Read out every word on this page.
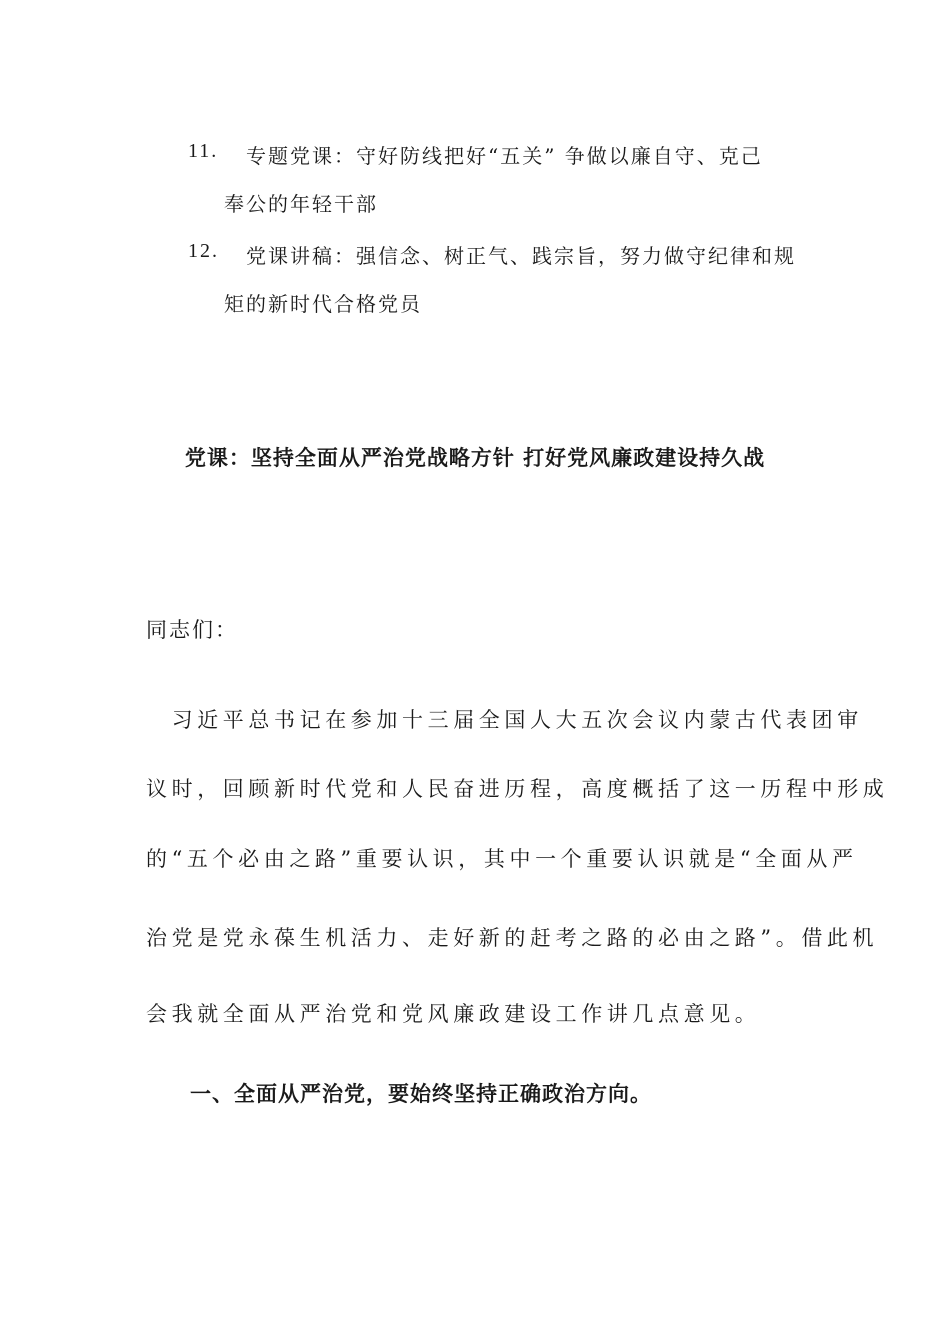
11. 专题党课：守好防线把好“五关” 争做以廉自守、克己
奉公的年轻干部
12. 党课讲稿：强信念、树正气、践宗旨，努力做守纪律和规
矩的新时代合格党员
党课：坚持全面从严治党战略方针 打好党风廉政建设持久战
同志们：
　习近平总书记在参加十三届全国人大五次会议内蒙古代表团审
议时，回顾新时代党和人民奋进历程，高度概括了这一历程中形成
的“五个必由之路”重要认识，其中一个重要认识就是“全面从严
治党是党永葆生机活力、走好新的赶考之路的必由之路”。借此机
会我就全面从严治党和党风廉政建设工作讲几点意见。
一、全面从严治党，要始终坚持正确政治方向。
